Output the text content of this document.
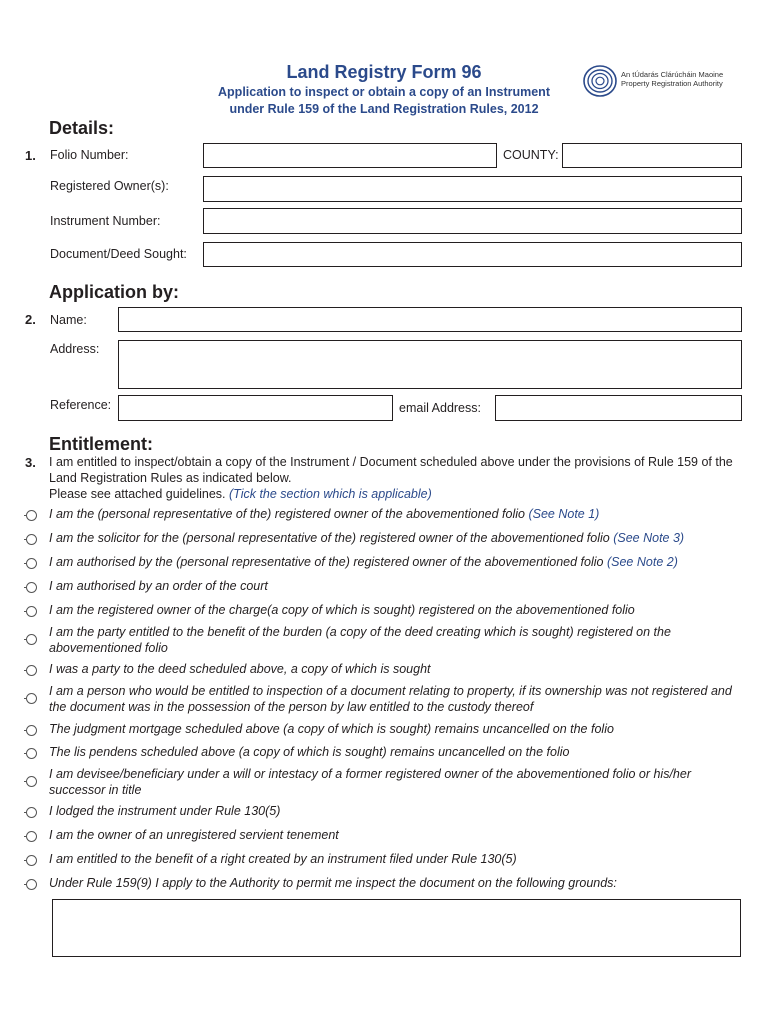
Land Registry Form 96
Application to inspect or obtain a copy of an Instrument
under Rule 159 of the Land Registration Rules, 2012
An tÚdarás Clárúcháin Maoine
Property Registration Authority
Details:
1. Folio Number:	COUNTY:
Registered Owner(s):
Instrument Number:
Document/Deed Sought:
Application by:
2. Name:
Address:
Reference:	email Address:
Entitlement:
3. I am entitled to inspect/obtain a copy of the Instrument / Document scheduled above under the provisions of Rule 159 of the Land Registration Rules as indicated below.
Please see attached guidelines. (Tick the section which is applicable)
I am the (personal representative of the) registered owner of the abovementioned folio (See Note 1)
I am the solicitor for the (personal representative of the) registered owner of the abovementioned folio (See Note 3)
I am authorised by the (personal representative of the) registered owner of the abovementioned folio (See Note 2)
I am authorised by an order of the court
I am the registered owner of the charge(a copy of which is sought) registered on the abovementioned folio
I am the party entitled to the benefit of the burden (a copy of the deed creating which is sought) registered on the abovementioned folio
I was a party to the deed scheduled above, a copy of which is sought
I am a person who would be entitled to inspection of a document relating to property, if its ownership was not registered and the document was in the possession of the person by law entitled to the custody thereof
The judgment mortgage scheduled above (a copy of which is sought) remains uncancelled on the folio
The lis pendens scheduled above (a copy of which is sought) remains uncancelled on the folio
I am devisee/beneficiary under a will or intestacy of a former registered owner of the abovementioned folio or his/her successor in title
I lodged the instrument under Rule 130(5)
I am the owner of an unregistered servient tenement
I am entitled to the benefit of a right created by an instrument filed under Rule 130(5)
Under Rule 159(9) I apply to the Authority to permit me inspect the document on the following grounds:
